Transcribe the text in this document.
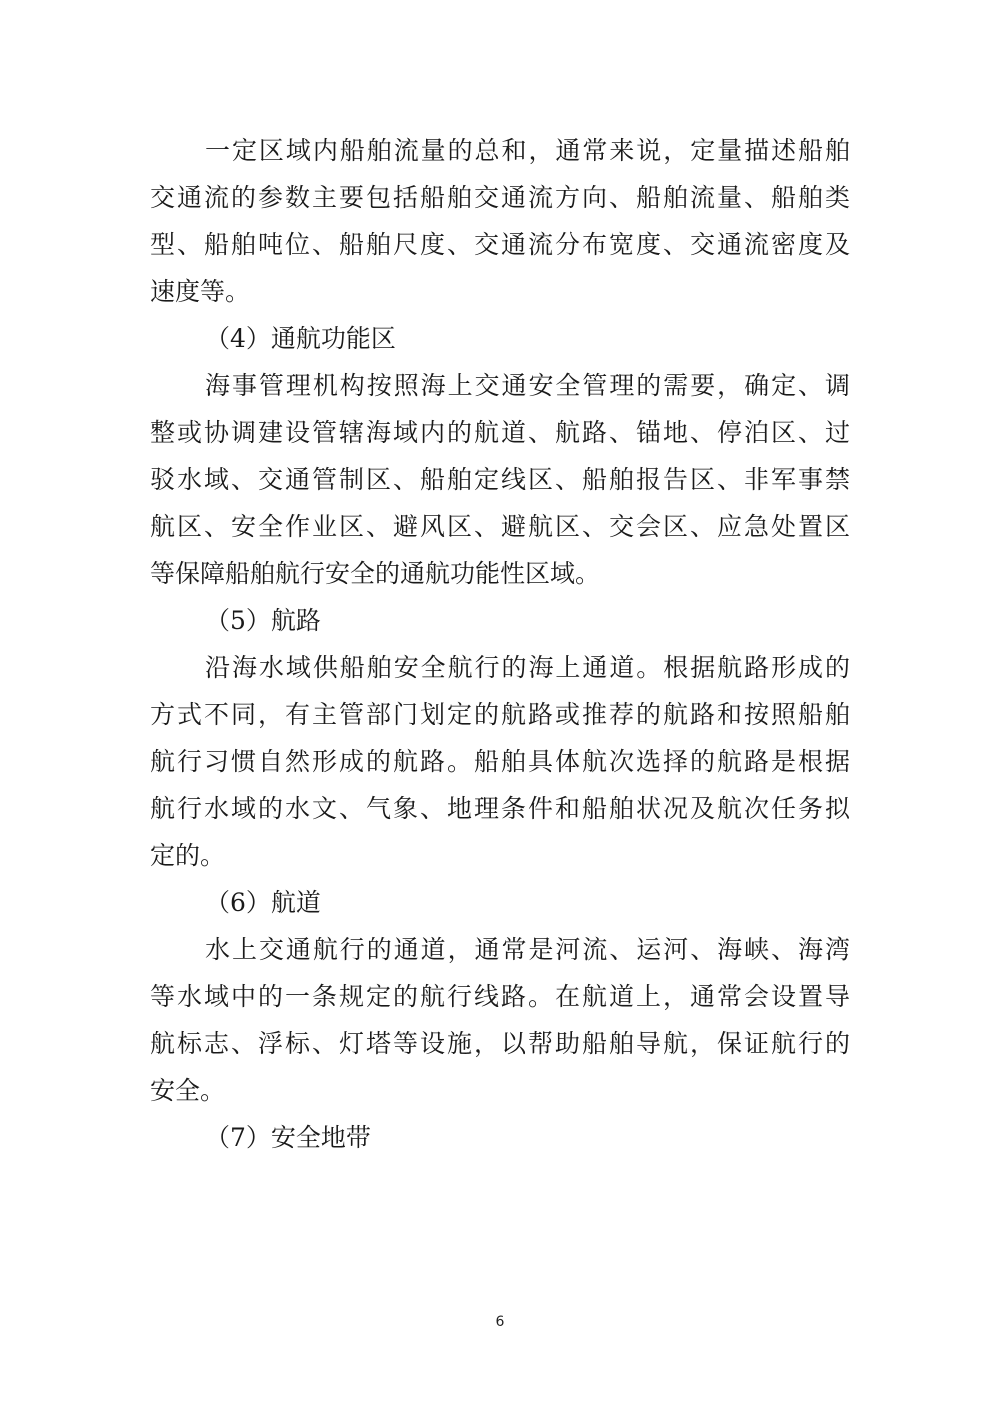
一定区域内船舶流量的总和，通常来说，定量描述船舶
交通流的参数主要包括船舶交通流方向、船舶流量、船舶类
型、船舶吨位、船舶尺度、交通流分布宽度、交通流密度及
速度等。
（4）通航功能区
海事管理机构按照海上交通安全管理的需要，确定、调
整或协调建设管辖海域内的航道、航路、锚地、停泊区、过
驳水域、交通管制区、船舶定线区、船舶报告区、非军事禁
航区、安全作业区、避风区、避航区、交会区、应急处置区
等保障船舶航行安全的通航功能性区域。
（5）航路
沿海水域供船舶安全航行的海上通道。根据航路形成的
方式不同，有主管部门划定的航路或推荐的航路和按照船舶
航行习惯自然形成的航路。船舶具体航次选择的航路是根据
航行水域的水文、气象、地理条件和船舶状况及航次任务拟
定的。
（6）航道
水上交通航行的通道，通常是河流、运河、海峡、海湾
等水域中的一条规定的航行线路。在航道上，通常会设置导
航标志、浮标、灯塔等设施，以帮助船舶导航，保证航行的
安全。
（7）安全地带
6
